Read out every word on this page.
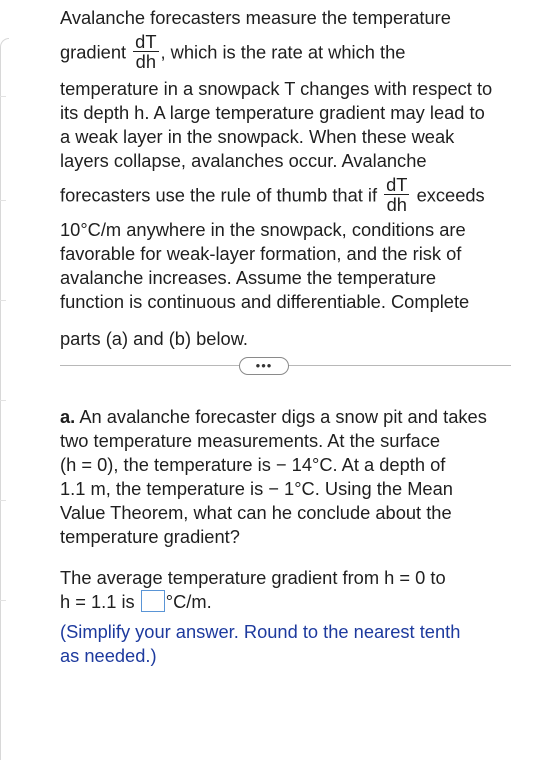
Avalanche forecasters measure the temperature

gradient $\frac{dT}{dh}$ , which is the rate at which the

temperature in a snowpack T changes with respect to

its depth h. A large temperature gradient may lead to

a weak layer in the snowpack. When these weak

layers collapse, avalanches occur. Avalanche

forecasters use the rule of thumb that if $\frac{dT}{dh}$ exceeds

10°C/m anywhere in the snowpack, conditions are

favorable for weak-layer formation, and the risk of

avalanche increases. Assume the temperature

function is continuous and differentiable. Complete

parts (a) and (b) below.
•••

a. An avalanche forecaster digs a snow pit and takes

two temperature measurements. At the surface

(h = 0), the temperature is − 14°C. At a depth of

1.1 m, the temperature is − 1°C. Using the Mean

Value Theorem, what can he conclude about the

temperature gradient?

The average temperature gradient from h = 0 to

h = 1.1 is °C/m.

(Simplify your answer. Round to the nearest tenth

as needed.)
